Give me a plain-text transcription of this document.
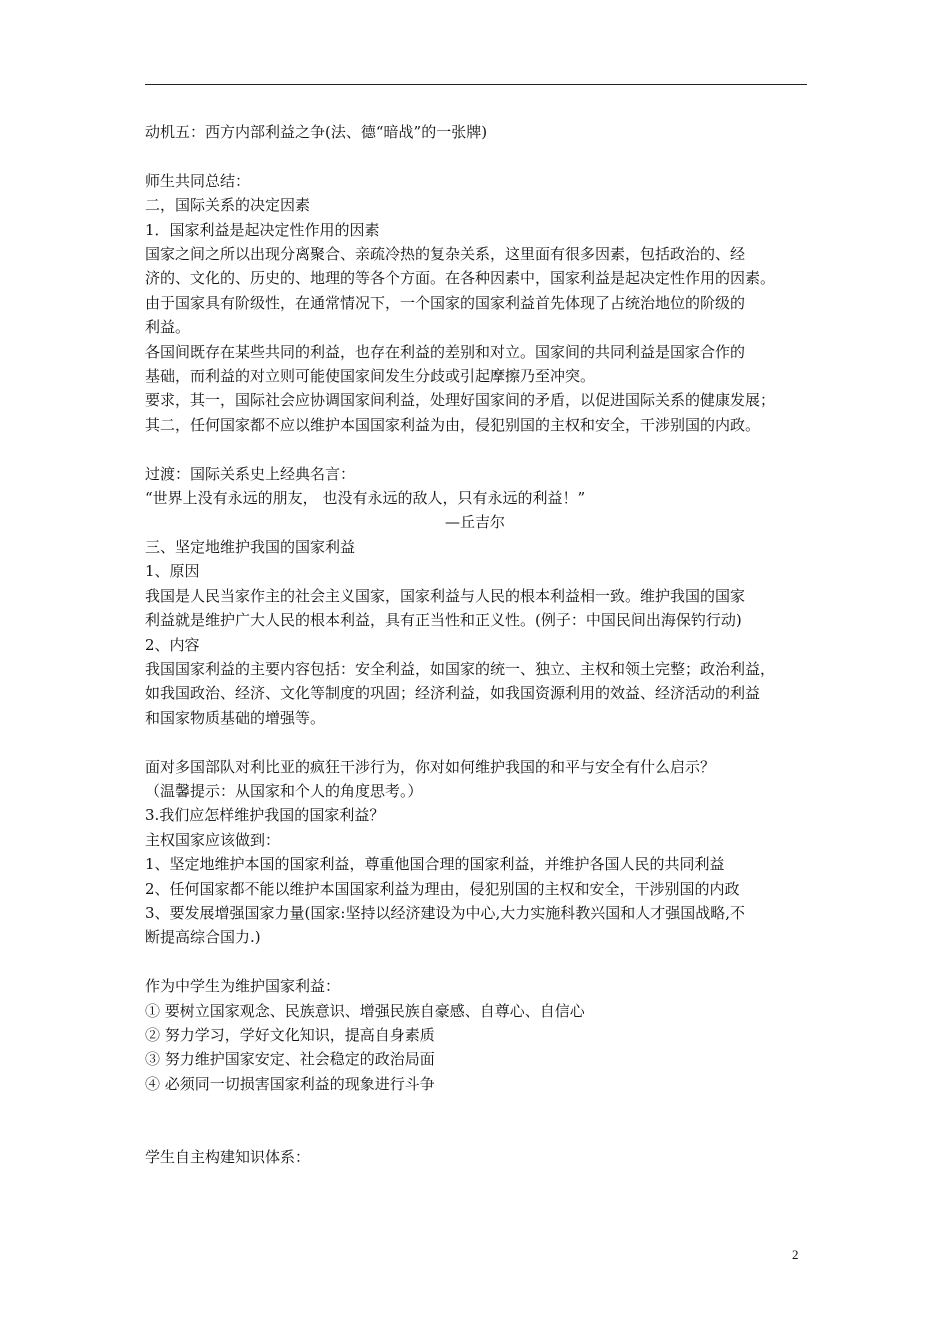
动机五：西方内部利益之争(法、德“暗战”的一张牌)
师生共同总结：
二，国际关系的决定因素
1．国家利益是起决定性作用的因素
国家之间之所以出现分离聚合、亲疏冷热的复杂关系，这里面有很多因素，包括政治的、经
济的、文化的、历史的、地理的等各个方面。在各种因素中，国家利益是起决定性作用的因素。
由于国家具有阶级性，在通常情况下，一个国家的国家利益首先体现了占统治地位的阶级的
利益。
各国间既存在某些共同的利益，也存在利益的差别和对立。国家间的共同利益是国家合作的
基础，而利益的对立则可能使国家间发生分歧或引起摩擦乃至冲突。
要求，其一，国际社会应协调国家间利益，处理好国家间的矛盾，以促进国际关系的健康发展；
其二，任何国家都不应以维护本国国家利益为由，侵犯别国的主权和安全，干涉别国的内政。
过渡：国际关系史上经典名言：
“世界上没有永远的朋友， 也没有永远的敌人，只有永远的利益！”
—丘吉尔
三、坚定地维护我国的国家利益
1、原因
我国是人民当家作主的社会主义国家，国家利益与人民的根本利益相一致。维护我国的国家
利益就是维护广大人民的根本利益，具有正当性和正义性。(例子：中国民间出海保钓行动)
2、内容
我国国家利益的主要内容包括：安全利益，如国家的统一、独立、主权和领土完整；政治利益，
如我国政治、经济、文化等制度的巩固；经济利益，如我国资源利用的效益、经济活动的利益
和国家物质基础的增强等。
面对多国部队对利比亚的疯狂干涉行为，你对如何维护我国的和平与安全有什么启示？
（温馨提示：从国家和个人的角度思考。）
3.我们应怎样维护我国的国家利益？
主权国家应该做到：
1、坚定地维护本国的国家利益，尊重他国合理的国家利益，并维护各国人民的共同利益
2、任何国家都不能以维护本国国家利益为理由，侵犯别国的主权和安全，干涉别国的内政
3、要发展增强国家力量(国家:坚持以经济建设为中心,大力实施科教兴国和人才强国战略,不
断提高综合国力.)
作为中学生为维护国家利益：
① 要树立国家观念、民族意识、增强民族自豪感、自尊心、自信心
② 努力学习，学好文化知识，提高自身素质
③ 努力维护国家安定、社会稳定的政治局面
④ 必须同一切损害国家利益的现象进行斗争
学生自主构建知识体系：
2
